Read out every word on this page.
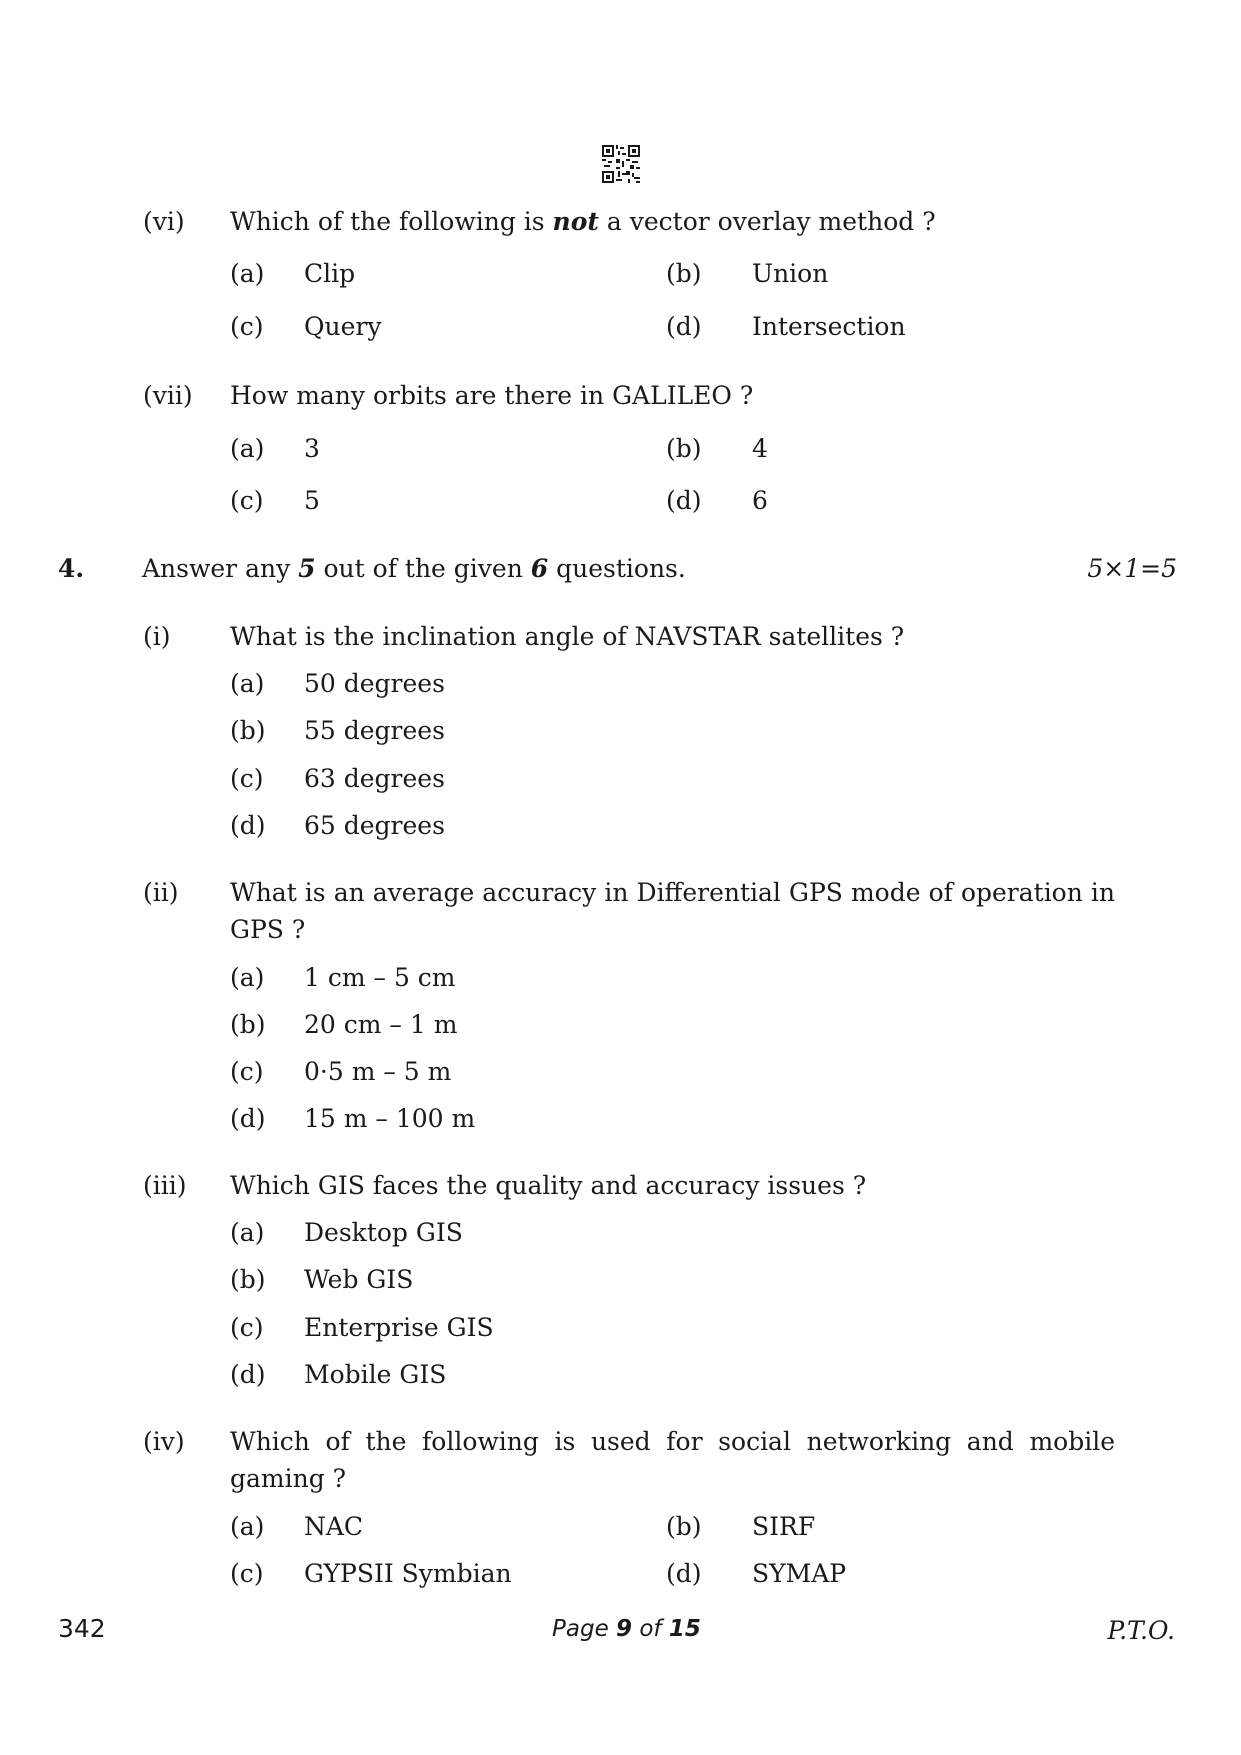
(vi) Which of the following is not a vector overlay method ?
(a) Clip	(b) Union
(c) Query	(d) Intersection
(vii) How many orbits are there in GALILEO ?
(a) 3	(b) 4
(c) 5	(d) 6
4. Answer any 5 out of the given 6 questions.	5×1=5
(i) What is the inclination angle of NAVSTAR satellites ?
(a) 50 degrees
(b) 55 degrees
(c) 63 degrees
(d) 65 degrees
(ii) What is an average accuracy in Differential GPS mode of operation in GPS ?
(a) 1 cm – 5 cm
(b) 20 cm – 1 m
(c) 0·5 m – 5 m
(d) 15 m – 100 m
(iii) Which GIS faces the quality and accuracy issues ?
(a) Desktop GIS
(b) Web GIS
(c) Enterprise GIS
(d) Mobile GIS
(iv) Which of the following is used for social networking and mobile gaming ?
(a) NAC	(b) SIRF
(c) GYPSII Symbian	(d) SYMAP
342	Page 9 of 15	P.T.O.
